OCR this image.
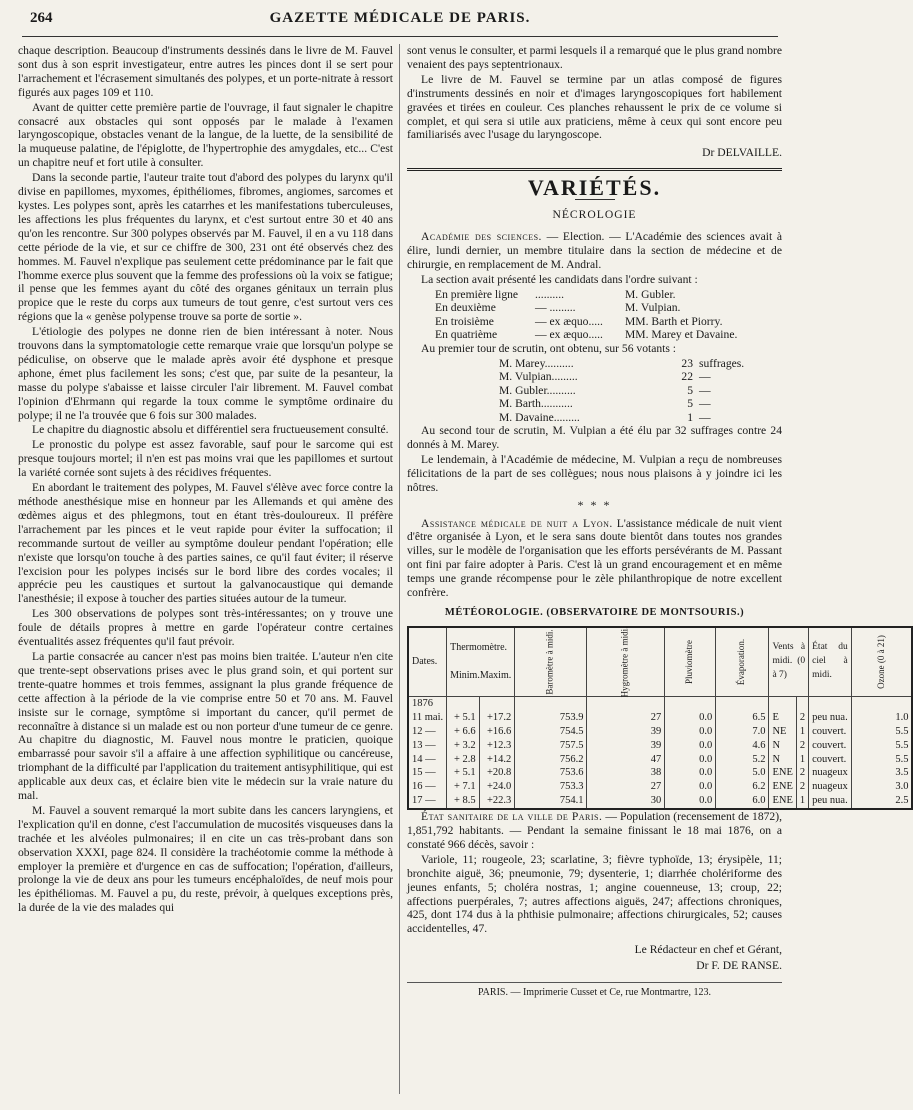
264	GAZETTE MÉDICALE DE PARIS.

chaque description. Beaucoup d'instruments dessinés dans le livre de M. Fauvel sont dus à son esprit investigateur, entre autres les pinces dont il se sert pour l'arrachement et l'écrasement simultanés des polypes, et un porte-nitrate à ressort figurés aux pages 109 et 110.

Avant de quitter cette première partie de l'ouvrage, il faut signaler le chapitre consacré aux obstacles qui sont opposés par le malade à l'examen laryngoscopique, obstacles venant de la langue, de la luette, de la sensibilité de la muqueuse palatine, de l'épiglotte, de l'hypertrophie des amygdales, etc... C'est un chapitre neuf et fort utile à consulter.

Dans la seconde partie, l'auteur traite tout d'abord des polypes du larynx qu'il divise en papillomes, myxomes, épithéliomes, fibromes, angiomes, sarcomes et kystes. Les polypes sont, après les catarrhes et les manifestations tuberculeuses, les affections les plus fréquentes du larynx, et c'est surtout entre 30 et 40 ans qu'on les rencontre. Sur 300 polypes observés par M. Fauvel, il en a vu 118 dans cette période de la vie, et sur ce chiffre de 300, 231 ont été observés chez des hommes. M. Fauvel n'explique pas seulement cette prédominance par le fait que l'homme exerce plus souvent que la femme des professions où la voix se fatigue; il pense que les femmes ayant du côté des organes génitaux un terrain plus propice que le reste du corps aux tumeurs de tout genre, c'est surtout vers ces régions que la « genèse polypense trouve sa porte de sortie ».

L'étiologie des polypes ne donne rien de bien intéressant à noter. Nous trouvons dans la symptomatologie cette remarque vraie que lorsqu'un polype se pédiculise, on observe que le malade après avoir été dysphone et presque aphone, émet plus facilement les sons; c'est que, par suite de la pesanteur, la masse du polype s'abaisse et laisse circuler l'air librement. M. Fauvel combat l'opinion d'Ehrmann qui regarde la toux comme le symptôme ordinaire du polype; il ne l'a trouvée que 6 fois sur 300 malades.

Le chapitre du diagnostic absolu et différentiel sera fructueusement consulté.

Le pronostic du polype est assez favorable, sauf pour le sarcome qui est presque toujours mortel; il n'en est pas moins vrai que les papillomes et surtout la variété cornée sont sujets à des récidives fréquentes.

En abordant le traitement des polypes, M. Fauvel s'élève avec force contre la méthode anesthésique mise en honneur par les Allemands et qui amène des œdèmes aigus et des phlegmons, tout en étant très-douloureux. Il préfère l'arrachement par les pinces et le veut rapide pour éviter la suffocation; il recommande surtout de veiller au symptôme douleur pendant l'opération; elle n'existe que lorsqu'on touche à des parties saines, ce qu'il faut éviter; il réserve l'excision pour les polypes incisés sur le bord libre des cordes vocales; il apprécie peu les caustiques et surtout la galvanocaustique qui demande l'anesthésie; il expose à toucher des parties situées autour de la tumeur.

Les 300 observations de polypes sont très-intéressantes; on y trouve une foule de détails propres à mettre en garde l'opérateur contre certaines éventualités assez fréquentes qu'il faut prévoir.

La partie consacrée au cancer n'est pas moins bien traitée. L'auteur n'en cite que trente-sept observations prises avec le plus grand soin, et qui portent sur trente-quatre hommes et trois femmes, assignant la plus grande fréquence de cette affection à la période de la vie comprise entre 50 et 70 ans. M. Fauvel insiste sur le cornage, symptôme si important du cancer, qu'il permet de reconnaître à distance si un malade est ou non porteur d'une tumeur de ce genre. Au chapitre du diagnostic, M. Fauvel nous montre le praticien, quoique embarrassé pour savoir s'il a affaire à une affection syphilitique ou cancéreuse, triomphant de la difficulté par l'application du traitement antisyphilitique, qui est applicable aux deux cas, et éclaire bien vite le médecin sur la vraie nature du mal.

M. Fauvel a souvent remarqué la mort subite dans les cancers laryngiens, et l'explication qu'il en donne, c'est l'accumulation de mucosités visqueuses dans la trachée et les alvéoles pulmonaires; il en cite un cas très-probant dans son observation XXXI, page 824. Il considère la trachéotomie comme la méthode à employer la première et d'urgence en cas de suffocation; l'opération, d'ailleurs, prolonge la vie de deux ans pour les tumeurs encéphaloïdes, de neuf mois pour les épithéliomas. M. Fauvel a pu, du reste, prévoir, à quelques exceptions près, la durée de la vie des malades qui

sont venus le consulter, et parmi lesquels il a remarqué que le plus grand nombre venaient des pays septentrionaux.

Le livre de M. Fauvel se termine par un atlas composé de figures d'instruments dessinés en noir et d'images laryngoscopiques fort habilement gravées et tirées en couleur. Ces planches rehaussent le prix de ce volume si complet, et qui sera si utile aux praticiens, même à ceux qui sont encore peu familiarisés avec l'usage du laryngoscope.

Dr DELVAILLE.
VARIÉTÉS.
NÉCROLOGIE

Académie des sciences. — Election. — L'Académie des sciences avait à élire, lundi dernier, un membre titulaire dans la section de médecine et de chirurgie, en remplacement de M. Andral.

La section avait présenté les candidats dans l'ordre suivant :

En première ligne	..........	M. Gubler.
En deuxième	— .........	M. Vulpian.
En troisième	— ex æquo.....	MM. Barth et Piorry.
En quatrième	— ex æquo.....	MM. Marey et Davaine.

Au premier tour de scrutin, ont obtenu, sur 56 votants :

M. Marey..........	23 suffrages.
M. Vulpian.........	22 —
M. Gubler..........	5 —
M. Barth...........	5 —
M. Davaine.........	1 —

Au second tour de scrutin, M. Vulpian a été élu par 32 suffrages contre 24 donnés à M. Marey.

Le lendemain, à l'Académie de médecine, M. Vulpian a reçu de nombreuses félicitations de la part de ses collègues; nous nous plaisons à y joindre ici les nôtres.

* * *

Assistance médicale de nuit a Lyon. L'assistance médicale de nuit vient d'être organisée à Lyon, et le sera sans doute bientôt dans toutes nos grandes villes, sur le modèle de l'organisation que les efforts persévérants de M. Passant ont fini par faire adopter à Paris. C'est là un grand encouragement et en même temps une grande récompense pour le zèle philanthropique de notre excellent confrère.

MÉTÉOROLOGIE. (OBSERVATOIRE DE MONTSOURIS.)
Dates.	Thermomètre.
Minim. Maxim.		Baromètre à midi.	Hygromètre à midi.	Pluviomètre	Évaporation.	Vents à midi. (0 à 7)		État du ciel à midi.	Ozone (0 à 21)
1876										
11 mai.	+ 5.1	+17.2	753.9	27	0.0	6.5	E	2	peu nua.	1.0
12 —	+ 6.6	+16.6	754.5	39	0.0	7.0	NE	1	couvert.	5.5
13 —	+ 3.2	+12.3	757.5	39	0.0	4.6	N	2	couvert.	5.5
14 —	+ 2.8	+14.2	756.2	47	0.0	5.2	N	1	couvert.	5.5
15 —	+ 5.1	+20.8	753.6	38	0.0	5.0	ENE	2	nuageux	3.5
16 —	+ 7.1	+24.0	753.3	27	0.0	6.2	ENE	2	nuageux	3.0
17 —	+ 8.5	+22.3	754.1	30	0.0	6.0	ENE	1	peu nua.	2.5

État sanitaire de la ville de Paris. — Population (recensement de 1872), 1,851,792 habitants. — Pendant la semaine finissant le 18 mai 1876, on a constaté 966 décès, savoir :

Variole, 11; rougeole, 23; scarlatine, 3; fièvre typhoïde, 13; érysipèle, 11; bronchite aiguë, 36; pneumonie, 79; dysenterie, 1; diarrhée cholériforme des jeunes enfants, 5; choléra nostras, 1; angine couenneuse, 13; croup, 22; affections puerpérales, 7; autres affections aiguës, 247; affections chroniques, 425, dont 174 dus à la phthisie pulmonaire; affections chirurgicales, 52; causes accidentelles, 47.

Le Rédacteur en chef et Gérant,
Dr F. DE RANSE.
PARIS. — Imprimerie Cusset et Ce, rue Montmartre, 123.
